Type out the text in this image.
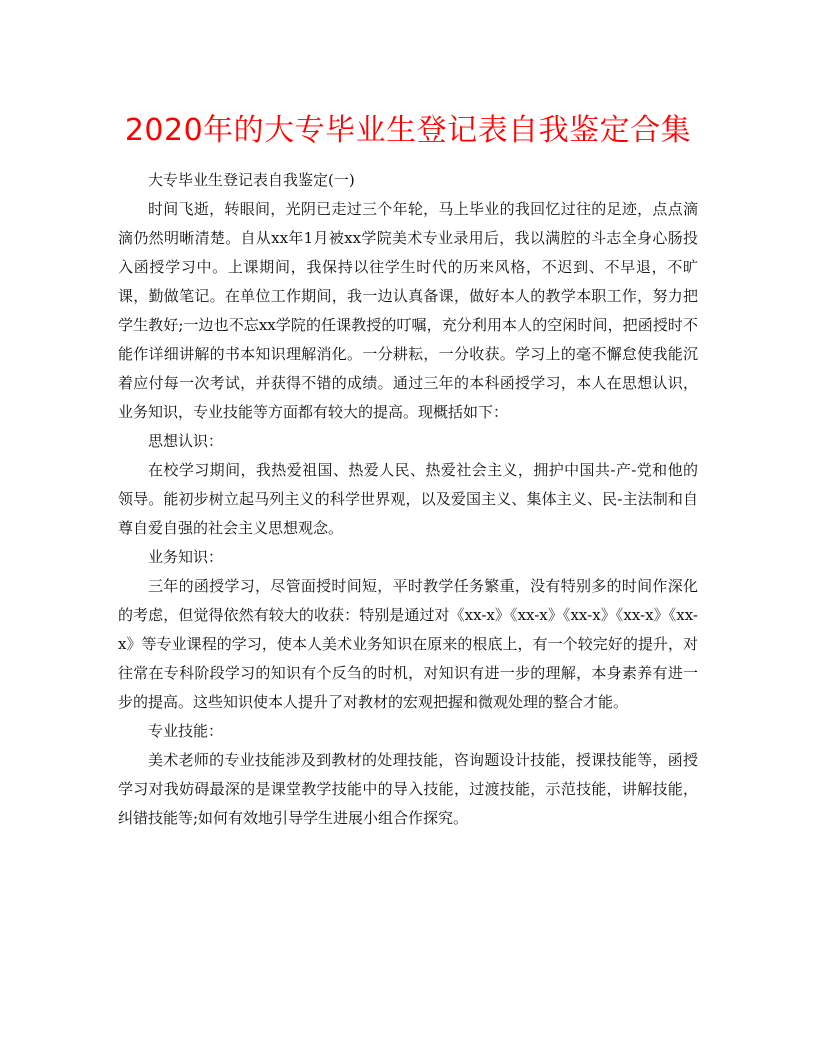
2020年的大专毕业生登记表自我鉴定合集

大专毕业生登记表自我鉴定(一)

时间飞逝，转眼间，光阴已走过三个年轮，马上毕业的我回忆过往的足迹，点点滴滴仍然明晰清楚。自从xx年1月被xx学院美术专业录用后，我以满腔的斗志全身心肠投入函授学习中。上课期间，我保持以往学生时代的历来风格，不迟到、不早退，不旷课，勤做笔记。在单位工作期间，我一边认真备课，做好本人的教学本职工作，努力把学生教好;一边也不忘xx学院的任课教授的叮嘱，充分利用本人的空闲时间，把函授时不能作详细讲解的书本知识理解消化。一分耕耘，一分收获。学习上的毫不懈怠使我能沉着应付每一次考试，并获得不错的成绩。通过三年的本科函授学习，本人在思想认识，业务知识，专业技能等方面都有较大的提高。现概括如下：

思想认识：

在校学习期间，我热爱祖国、热爱人民、热爱社会主义，拥护中国共-产-党和他的领导。能初步树立起马列主义的科学世界观，以及爱国主义、集体主义、民-主法制和自尊自爱自强的社会主义思想观念。

业务知识：

三年的函授学习，尽管面授时间短，平时教学任务繁重，没有特别多的时间作深化的考虑，但觉得依然有较大的收获：特别是通过对《xx-x》《xx-x》《xx-x》《xx-x》《xx-x》等专业课程的学习，使本人美术业务知识在原来的根底上，有一个较完好的提升，对往常在专科阶段学习的知识有个反刍的时机，对知识有进一步的理解，本身素养有进一步的提高。这些知识使本人提升了对教材的宏观把握和微观处理的整合才能。

专业技能：

美术老师的专业技能涉及到教材的处理技能，咨询题设计技能，授课技能等，函授学习对我妨碍最深的是课堂教学技能中的导入技能，过渡技能，示范技能，讲解技能，纠错技能等;如何有效地引导学生进展小组合作探究。
